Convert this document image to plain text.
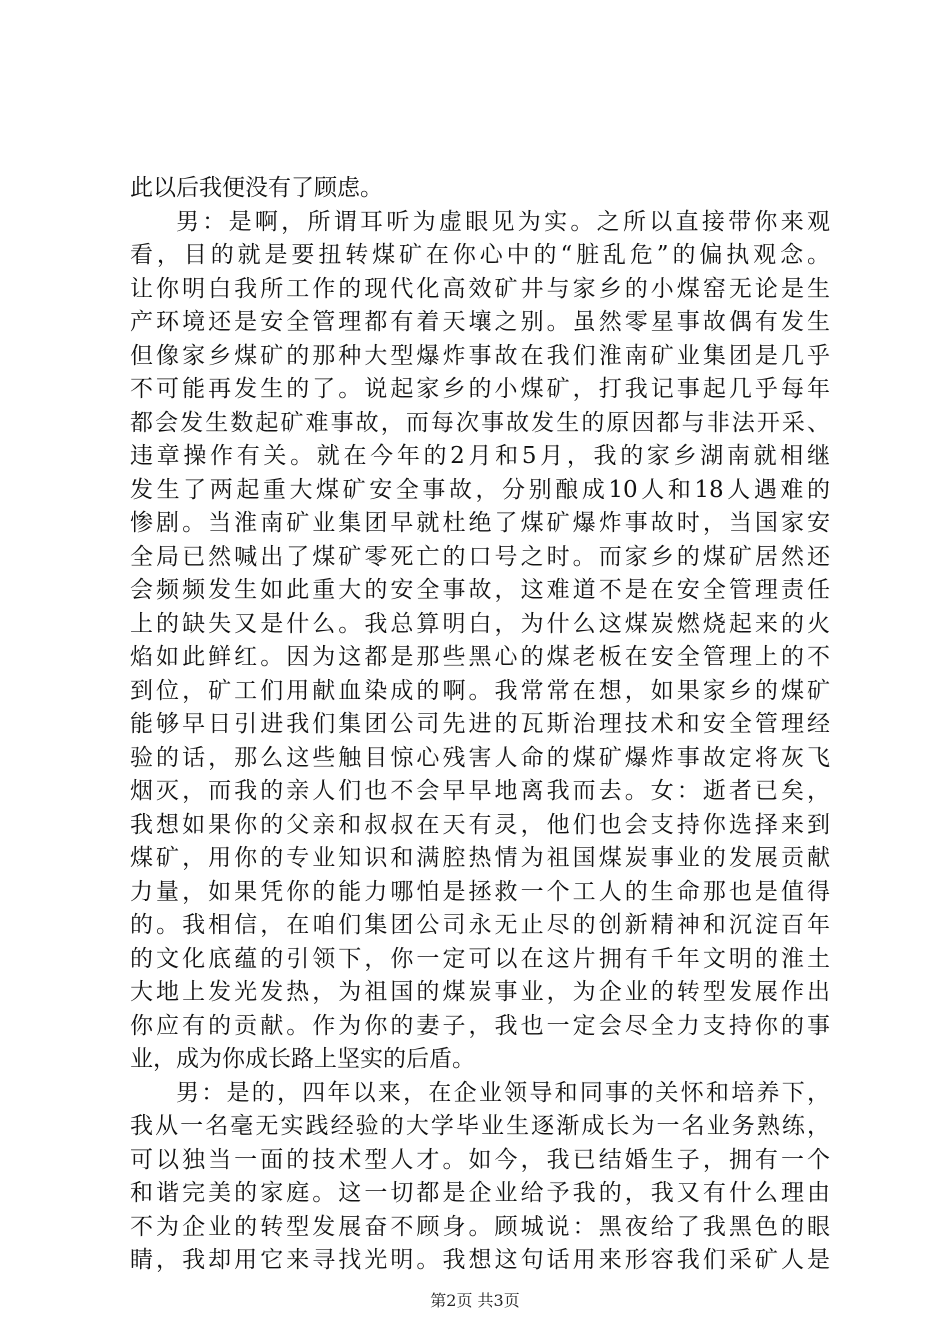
此以后我便没有了顾虑。
男：是啊，所谓耳听为虚眼见为实。之所以直接带你来观
看，目的就是要扭转煤矿在你心中的“脏乱危”的偏执观念。
让你明白我所工作的现代化高效矿井与家乡的小煤窑无论是生
产环境还是安全管理都有着天壤之别。虽然零星事故偶有发生
但像家乡煤矿的那种大型爆炸事故在我们淮南矿业集团是几乎
不可能再发生的了。说起家乡的小煤矿，打我记事起几乎每年
都会发生数起矿难事故，而每次事故发生的原因都与非法开采、
违章操作有关。就在今年的2月和5月，我的家乡湖南就相继
发生了两起重大煤矿安全事故，分别酿成10人和18人遇难的
惨剧。当淮南矿业集团早就杜绝了煤矿爆炸事故时，当国家安
全局已然喊出了煤矿零死亡的口号之时。而家乡的煤矿居然还
会频频发生如此重大的安全事故，这难道不是在安全管理责任
上的缺失又是什么。我总算明白，为什么这煤炭燃烧起来的火
焰如此鲜红。因为这都是那些黑心的煤老板在安全管理上的不
到位，矿工们用献血染成的啊。我常常在想，如果家乡的煤矿
能够早日引进我们集团公司先进的瓦斯治理技术和安全管理经
验的话，那么这些触目惊心残害人命的煤矿爆炸事故定将灰飞
烟灭，而我的亲人们也不会早早地离我而去。女：逝者已矣，
我想如果你的父亲和叔叔在天有灵，他们也会支持你选择来到
煤矿，用你的专业知识和满腔热情为祖国煤炭事业的发展贡献
力量，如果凭你的能力哪怕是拯救一个工人的生命那也是值得
的。我相信，在咱们集团公司永无止尽的创新精神和沉淀百年
的文化底蕴的引领下，你一定可以在这片拥有千年文明的淮土
大地上发光发热，为祖国的煤炭事业，为企业的转型发展作出
你应有的贡献。作为你的妻子，我也一定会尽全力支持你的事
业，成为你成长路上坚实的后盾。
男：是的，四年以来，在企业领导和同事的关怀和培养下，
我从一名毫无实践经验的大学毕业生逐渐成长为一名业务熟练，
可以独当一面的技术型人才。如今，我已结婚生子，拥有一个
和谐完美的家庭。这一切都是企业给予我的，我又有什么理由
不为企业的转型发展奋不顾身。顾城说：黑夜给了我黑色的眼
睛，我却用它来寻找光明。我想这句话用来形容我们采矿人是
第2页 共3页
